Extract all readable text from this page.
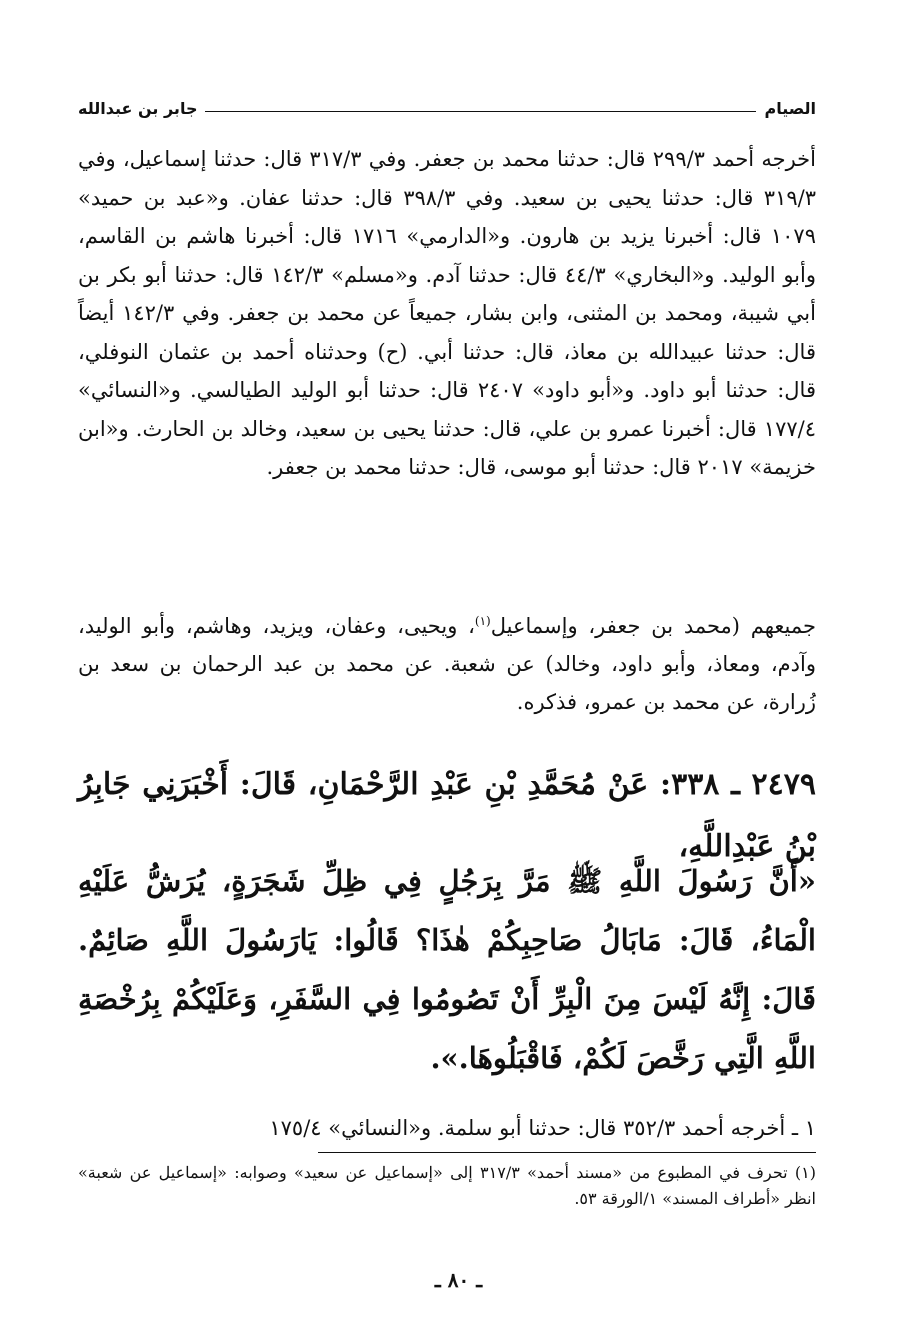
الصيام
جابر بن عبدالله

أخرجه أحمد ٢٩٩/٣ قال: حدثنا محمد بن جعفر. وفي ٣١٧/٣ قال: حدثنا إسماعيل، وفي ٣١٩/٣ قال: حدثنا يحيى بن سعيد. وفي ٣٩٨/٣ قال: حدثنا عفان. و«عبد بن حميد» ١٠٧٩ قال: أخبرنا يزيد بن هارون. و«الدارمي» ١٧١٦ قال: أخبرنا هاشم بن القاسم، وأبو الوليد. و«البخاري» ٤٤/٣ قال: حدثنا آدم. و«مسلم» ١٤٢/٣ قال: حدثنا أبو بكر بن أبي شيبة، ومحمد بن المثنى، وابن بشار، جميعاً عن محمد بن جعفر. وفي ١٤٢/٣ أيضاً قال: حدثنا عبيدالله بن معاذ، قال: حدثنا أبي. (ح) وحدثناه أحمد بن عثمان النوفلي، قال: حدثنا أبو داود. و«أبو داود» ٢٤٠٧ قال: حدثنا أبو الوليد الطيالسي. و«النسائي» ١٧٧/٤ قال: أخبرنا عمرو بن علي، قال: حدثنا يحيى بن سعيد، وخالد بن الحارث. و«ابن خزيمة» ٢٠١٧ قال: حدثنا أبو موسى، قال: حدثنا محمد بن جعفر.

جميعهم (محمد بن جعفر، وإسماعيل$^{(١)}$، ويحيى، وعفان، ويزيد، وهاشم، وأبو الوليد، وآدم، ومعاذ، وأبو داود، وخالد) عن شعبة. عن محمد بن عبد الرحمان بن سعد بن زُرارة، عن محمد بن عمرو، فذكره.
٢٤٧٩ ـ ٣٣٨: عَنْ مُحَمَّدِ بْنِ عَبْدِ الرَّحْمَانِ، قَالَ: أَخْبَرَنِي جَابِرُ بْنُ عَبْدِاللَّهِ،
«أَنَّ رَسُولَ اللَّهِ ﷺ مَرَّ بِرَجُلٍ فِي ظِلِّ شَجَرَةٍ، يُرَشُّ عَلَيْهِ الْمَاءُ، قَالَ: مَابَالُ صَاحِبِكُمْ هٰذَا؟ قَالُوا: يَارَسُولَ اللَّهِ صَائِمٌ. قَالَ: إِنَّهُ لَيْسَ مِنَ الْبِرِّ أَنْ تَصُومُوا فِي السَّفَرِ، وَعَلَيْكُمْ بِرُخْصَةِ اللَّهِ الَّتِي رَخَّصَ لَكُمْ، فَاقْبَلُوهَا.».
١ ـ أخرجه أحمد ٣٥٢/٣ قال: حدثنا أبو سلمة. و«النسائي» ١٧٥/٤
(١) تحرف في المطبوع من «مسند أحمد» ٣١٧/٣ إلى «إسماعيل عن سعيد» وصوابه: «إسماعيل عن شعبة» انظر «أطراف المسند» ١/الورقة ٥٣.
ـ ٨٠ ـ
